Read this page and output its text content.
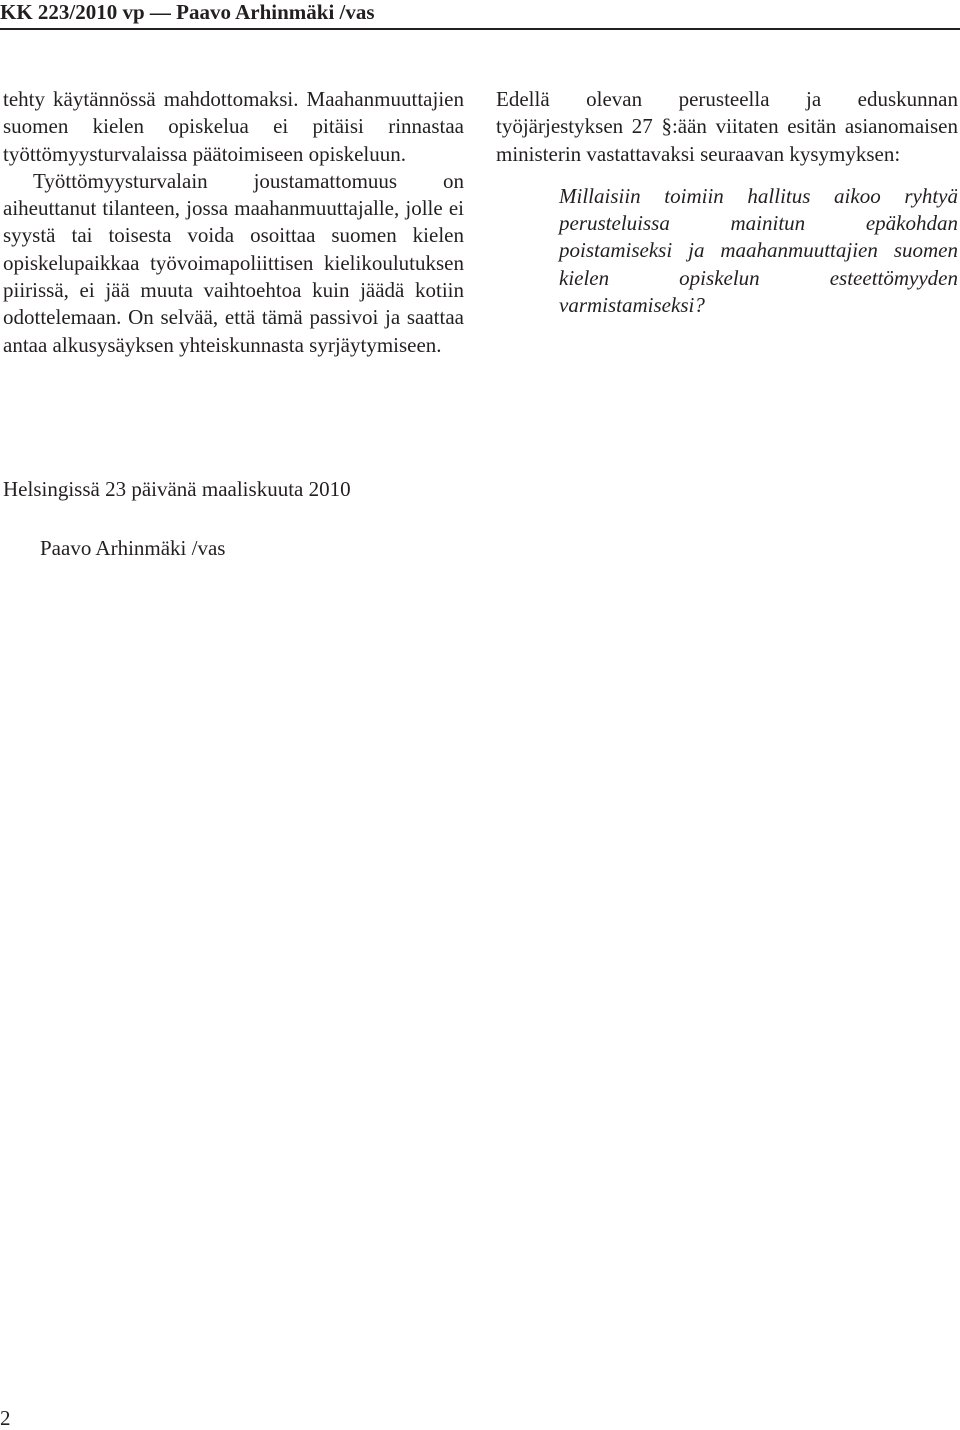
KK 223/2010 vp — Paavo Arhinmäki /vas

tehty käytännössä mahdottomaksi. Maahanmuuttajien suomen kielen opiskelua ei pitäisi rinnastaa työttömyysturvalaissa päätoimiseen opiskeluun.

Työttömyysturvalain joustamattomuus on aiheuttanut tilanteen, jossa maahanmuuttajalle, jolle ei syystä tai toisesta voida osoittaa suomen kielen opiskelupaikkaa työvoimapoliittisen kielikoulutuksen piirissä, ei jää muuta vaihtoehtoa kuin jäädä kotiin odottelemaan. On selvää, että tämä passivoi ja saattaa antaa alkusysäyksen yhteiskunnasta syrjäytymiseen.

Edellä olevan perusteella ja eduskunnan työjärjestyksen 27 §:ään viitaten esitän asianomaisen ministerin vastattavaksi seuraavan kysymyksen:

Millaisiin toimiin hallitus aikoo ryhtyä perusteluissa mainitun epäkohdan poistamiseksi ja maahanmuuttajien suomen kielen opiskelun esteettömyyden varmistamiseksi?

Helsingissä 23 päivänä maaliskuuta 2010
Paavo Arhinmäki /vas
2
